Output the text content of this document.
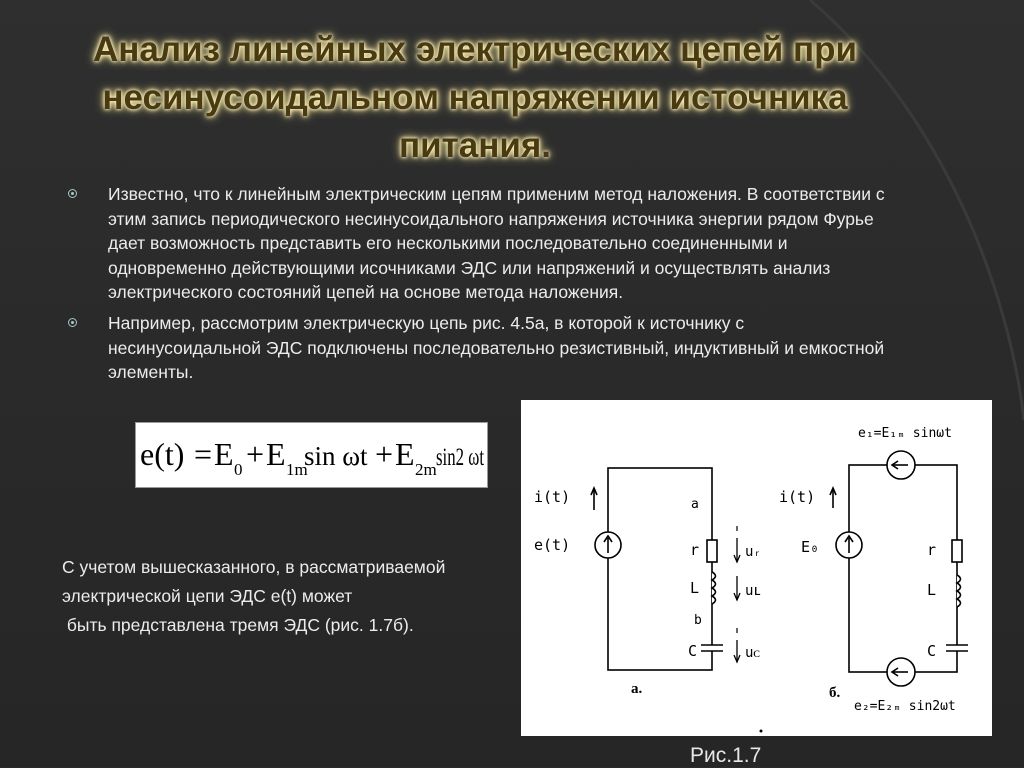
Анализ линейных электрических цепей при
несинусоидальном напряжении источника
питания.

Известно, что к линейным электрическим цепям применим метод наложения. В соответствии с этим запись периодического несинусоидального напряжения источника энергии рядом Фурье дает возможность представить его несколькими последовательно соединенными и одновременно действующими исочниками ЭДС или напряжений и осуществлять анализ электрического состояний цепей на основе метода наложения.

Например, рассмотрим электрическую цепь рис. 4.5а, в которой к источнику с несинусоидальной ЭДС подключены последовательно резистивный, индуктивный и емкостной элементы.

e(t) = E 0 + E 1m
sin ωt + E 2m sin2 ωt
С учетом вышесказанного, в рассматриваемой
электрической цепи ЭДС e(t) может
быть представлена тремя ЭДС (рис. 1.7б).
i(t)
e(t)
a
r
L
b
C
uᵣ
uʟ
uᴄ
а.
e₁=E₁ₘ sinωt
i(t)
E₀	r
L
C
e₂=E₂ₘ sin2ωt
б.
Рис.1.7
